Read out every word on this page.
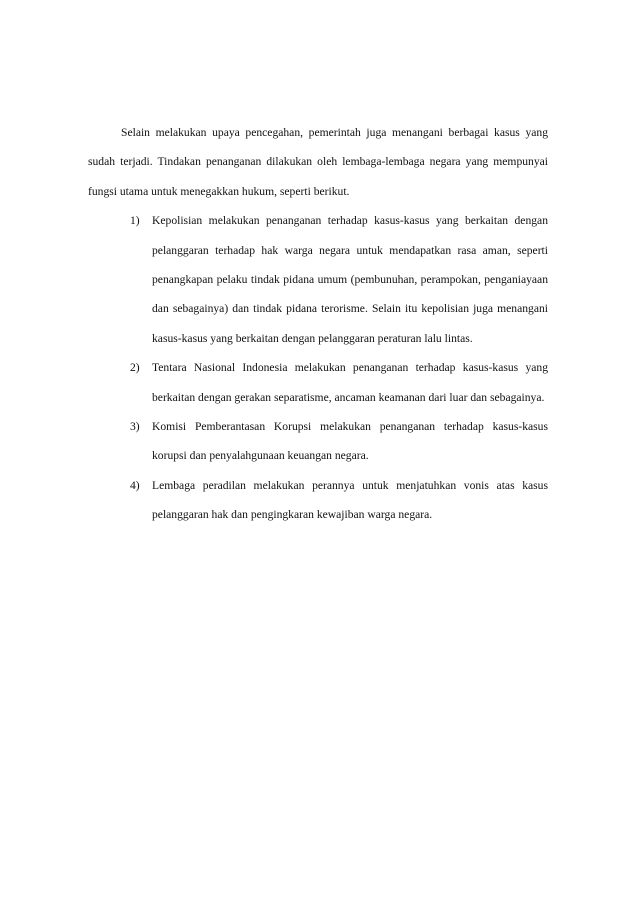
Selain melakukan upaya pencegahan, pemerintah juga menangani berbagai kasus yang sudah terjadi. Tindakan penanganan dilakukan oleh lembaga-lembaga negara yang mempunyai fungsi utama untuk menegakkan hukum, seperti berikut.

1) Kepolisian melakukan penanganan terhadap kasus-kasus yang berkaitan dengan pelanggaran terhadap hak warga negara untuk mendapatkan rasa aman, seperti penangkapan pelaku tindak pidana umum (pembunuhan, perampokan, penganiayaan dan sebagainya) dan tindak pidana terorisme. Selain itu kepolisian juga menangani kasus-kasus yang berkaitan dengan pelanggaran peraturan lalu lintas.
2) Tentara Nasional Indonesia melakukan penanganan terhadap kasus-kasus yang berkaitan dengan gerakan separatisme, ancaman keamanan dari luar dan sebagainya.
3) Komisi Pemberantasan Korupsi melakukan penanganan terhadap kasus-kasus korupsi dan penyalahgunaan keuangan negara.
4) Lembaga peradilan melakukan perannya untuk menjatuhkan vonis atas kasus pelanggaran hak dan pengingkaran kewajiban warga negara.
